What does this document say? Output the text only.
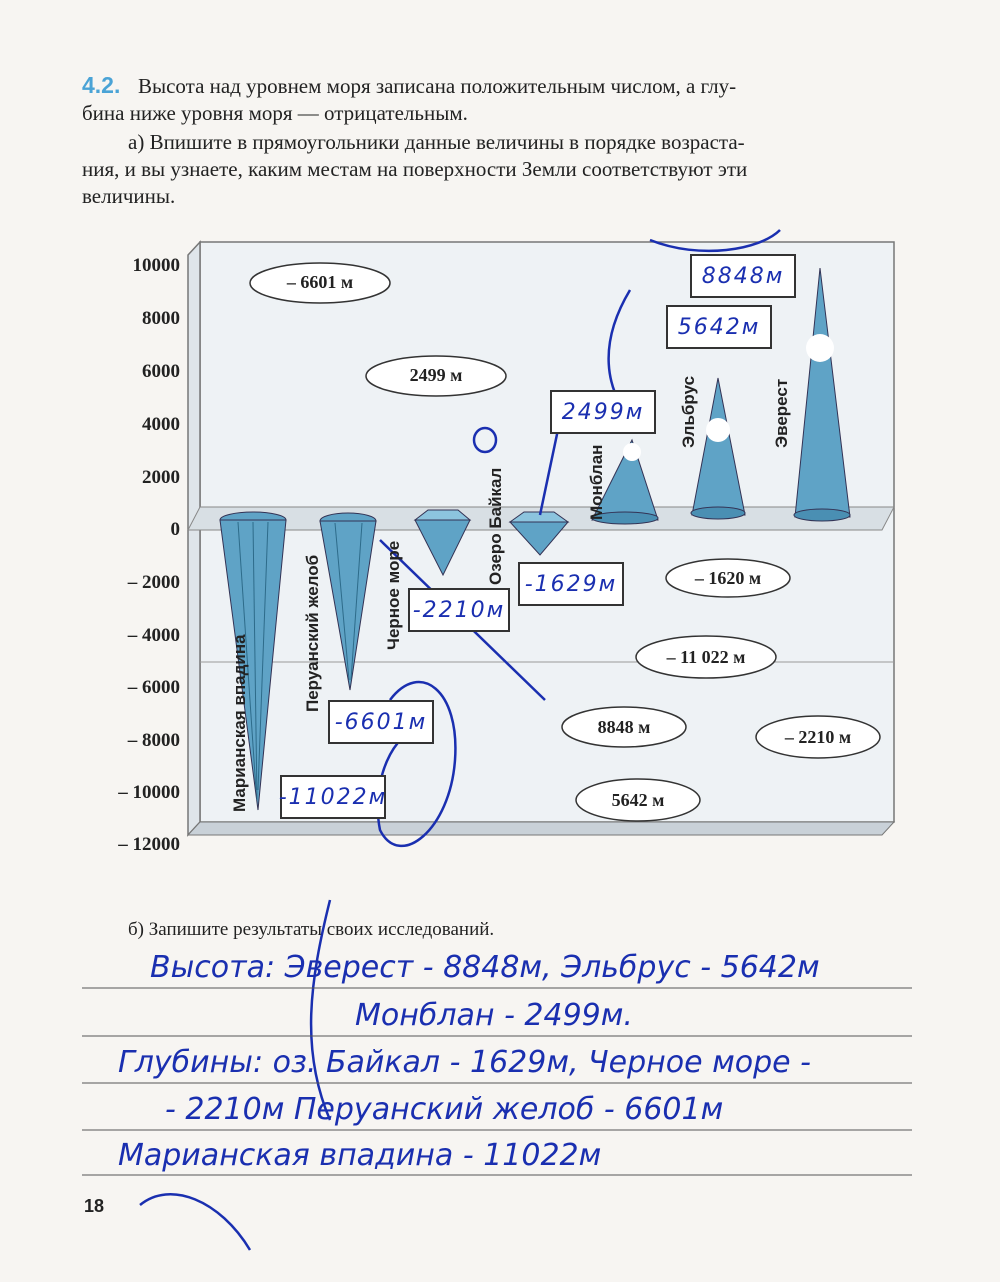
4.2. Высота над уровнем моря записана положительным числом, а глу-
бина ниже уровня моря — отрицательным.
а) Впишите в прямоугольники данные величины в порядке возраста-
ния, и вы узнаете, каким местам на поверхности Земли соответствуют эти
величины.
10000
8000
6000
4000
2000
0
– 2000
– 4000
– 6000
– 8000
– 10000
– 12000
– 6601 м
2499 м
– 1620 м
– 11 022 м
8848 м	– 2210 м
5642 м
Марианская впадина
Перуанский желоб	Черное море
Озеро Байкал	Монблан
Эльбрус	Эверест
-11022м
-6601м
-2210м
-1629м
2499м
5642м
8848м
б) Запишите результаты своих исследований.
Высота: Эверест - 8848м, Эльбрус - 5642м
Монблан - 2499м.
Глубины: оз. Байкал - 1629м, Черное море -
- 2210м Перуанский желоб - 6601м
Марианская впадина - 11022м
18
